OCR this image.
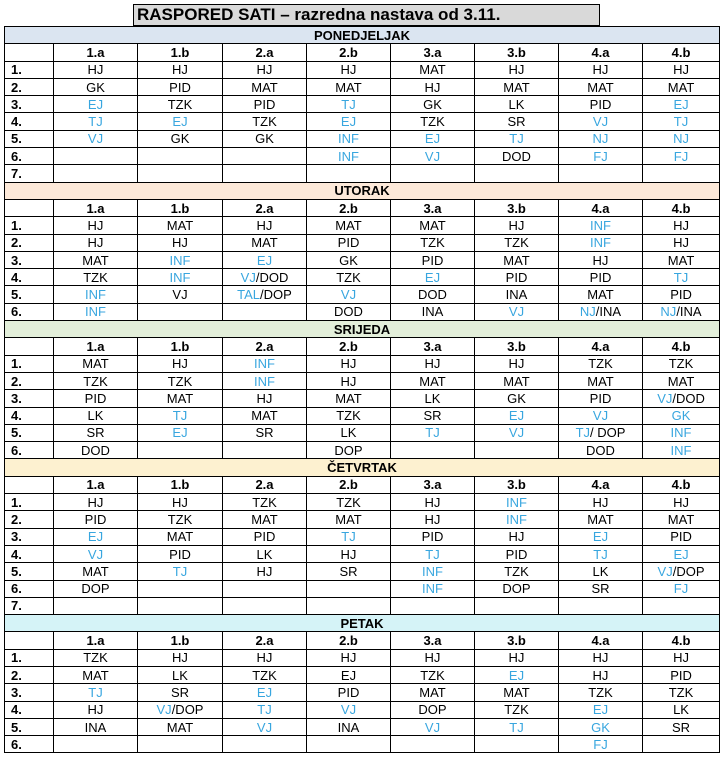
RASPORED SATI – razredna nastava od 3.11.
PONEDJELJAK								
	1.a	1.b	2.a	2.b	3.a	3.b	4.a	4.b
1.	HJ	HJ	HJ	HJ	MAT	HJ	HJ	HJ
2.	GK	PID	MAT	MAT	HJ	MAT	MAT	MAT
3.	EJ	TZK	PID	TJ	GK	LK	PID	EJ
4.	TJ	EJ	TZK	EJ	TZK	SR	VJ	TJ
5.	VJ	GK	GK	INF	EJ	TJ	NJ	NJ
6.				INF	VJ	DOD	FJ	FJ
7.								
UTORAK								
	1.a	1.b	2.a	2.b	3.a	3.b	4.a	4.b
1.	HJ	MAT	HJ	MAT	MAT	HJ	INF	HJ
2.	HJ	HJ	MAT	PID	TZK	TZK	INF	HJ
3.	MAT	INF	EJ	GK	PID	MAT	HJ	MAT
4.	TZK	INF	VJ/DOD	TZK	EJ	PID	PID	TJ
5.	INF	VJ	TAL/DOP	VJ	DOD	INA	MAT	PID
6.	INF			DOD	INA	VJ	NJ/INA	NJ/INA
SRIJEDA								
	1.a	1.b	2.a	2.b	3.a	3.b	4.a	4.b
1.	MAT	HJ	INF	HJ	HJ	HJ	TZK	TZK
2.	TZK	TZK	INF	HJ	MAT	MAT	MAT	MAT
3.	PID	MAT	HJ	MAT	LK	GK	PID	VJ/DOD
4.	LK	TJ	MAT	TZK	SR	EJ	VJ	GK
5.	SR	EJ	SR	LK	TJ	VJ	TJ/ DOP	INF
6.	DOD			DOP			DOD	INF
ČETVRTAK								
	1.a	1.b	2.a	2.b	3.a	3.b	4.a	4.b
1.	HJ	HJ	TZK	TZK	HJ	INF	HJ	HJ
2.	PID	TZK	MAT	MAT	HJ	INF	MAT	MAT
3.	EJ	MAT	PID	TJ	PID	HJ	EJ	PID
4.	VJ	PID	LK	HJ	TJ	PID	TJ	EJ
5.	MAT	TJ	HJ	SR	INF	TZK	LK	VJ/DOP
6.	DOP				INF	DOP	SR	FJ
7.								
PETAK								
	1.a	1.b	2.a	2.b	3.a	3.b	4.a	4.b
1.	TZK	HJ	HJ	HJ	HJ	HJ	HJ	HJ
2.	MAT	LK	TZK	EJ	TZK	EJ	HJ	PID
3.	TJ	SR	EJ	PID	MAT	MAT	TZK	TZK
4.	HJ	VJ/DOP	TJ	VJ	DOP	TZK	EJ	LK
5.	INA	MAT	VJ	INA	VJ	TJ	GK	SR
6.							FJ	
